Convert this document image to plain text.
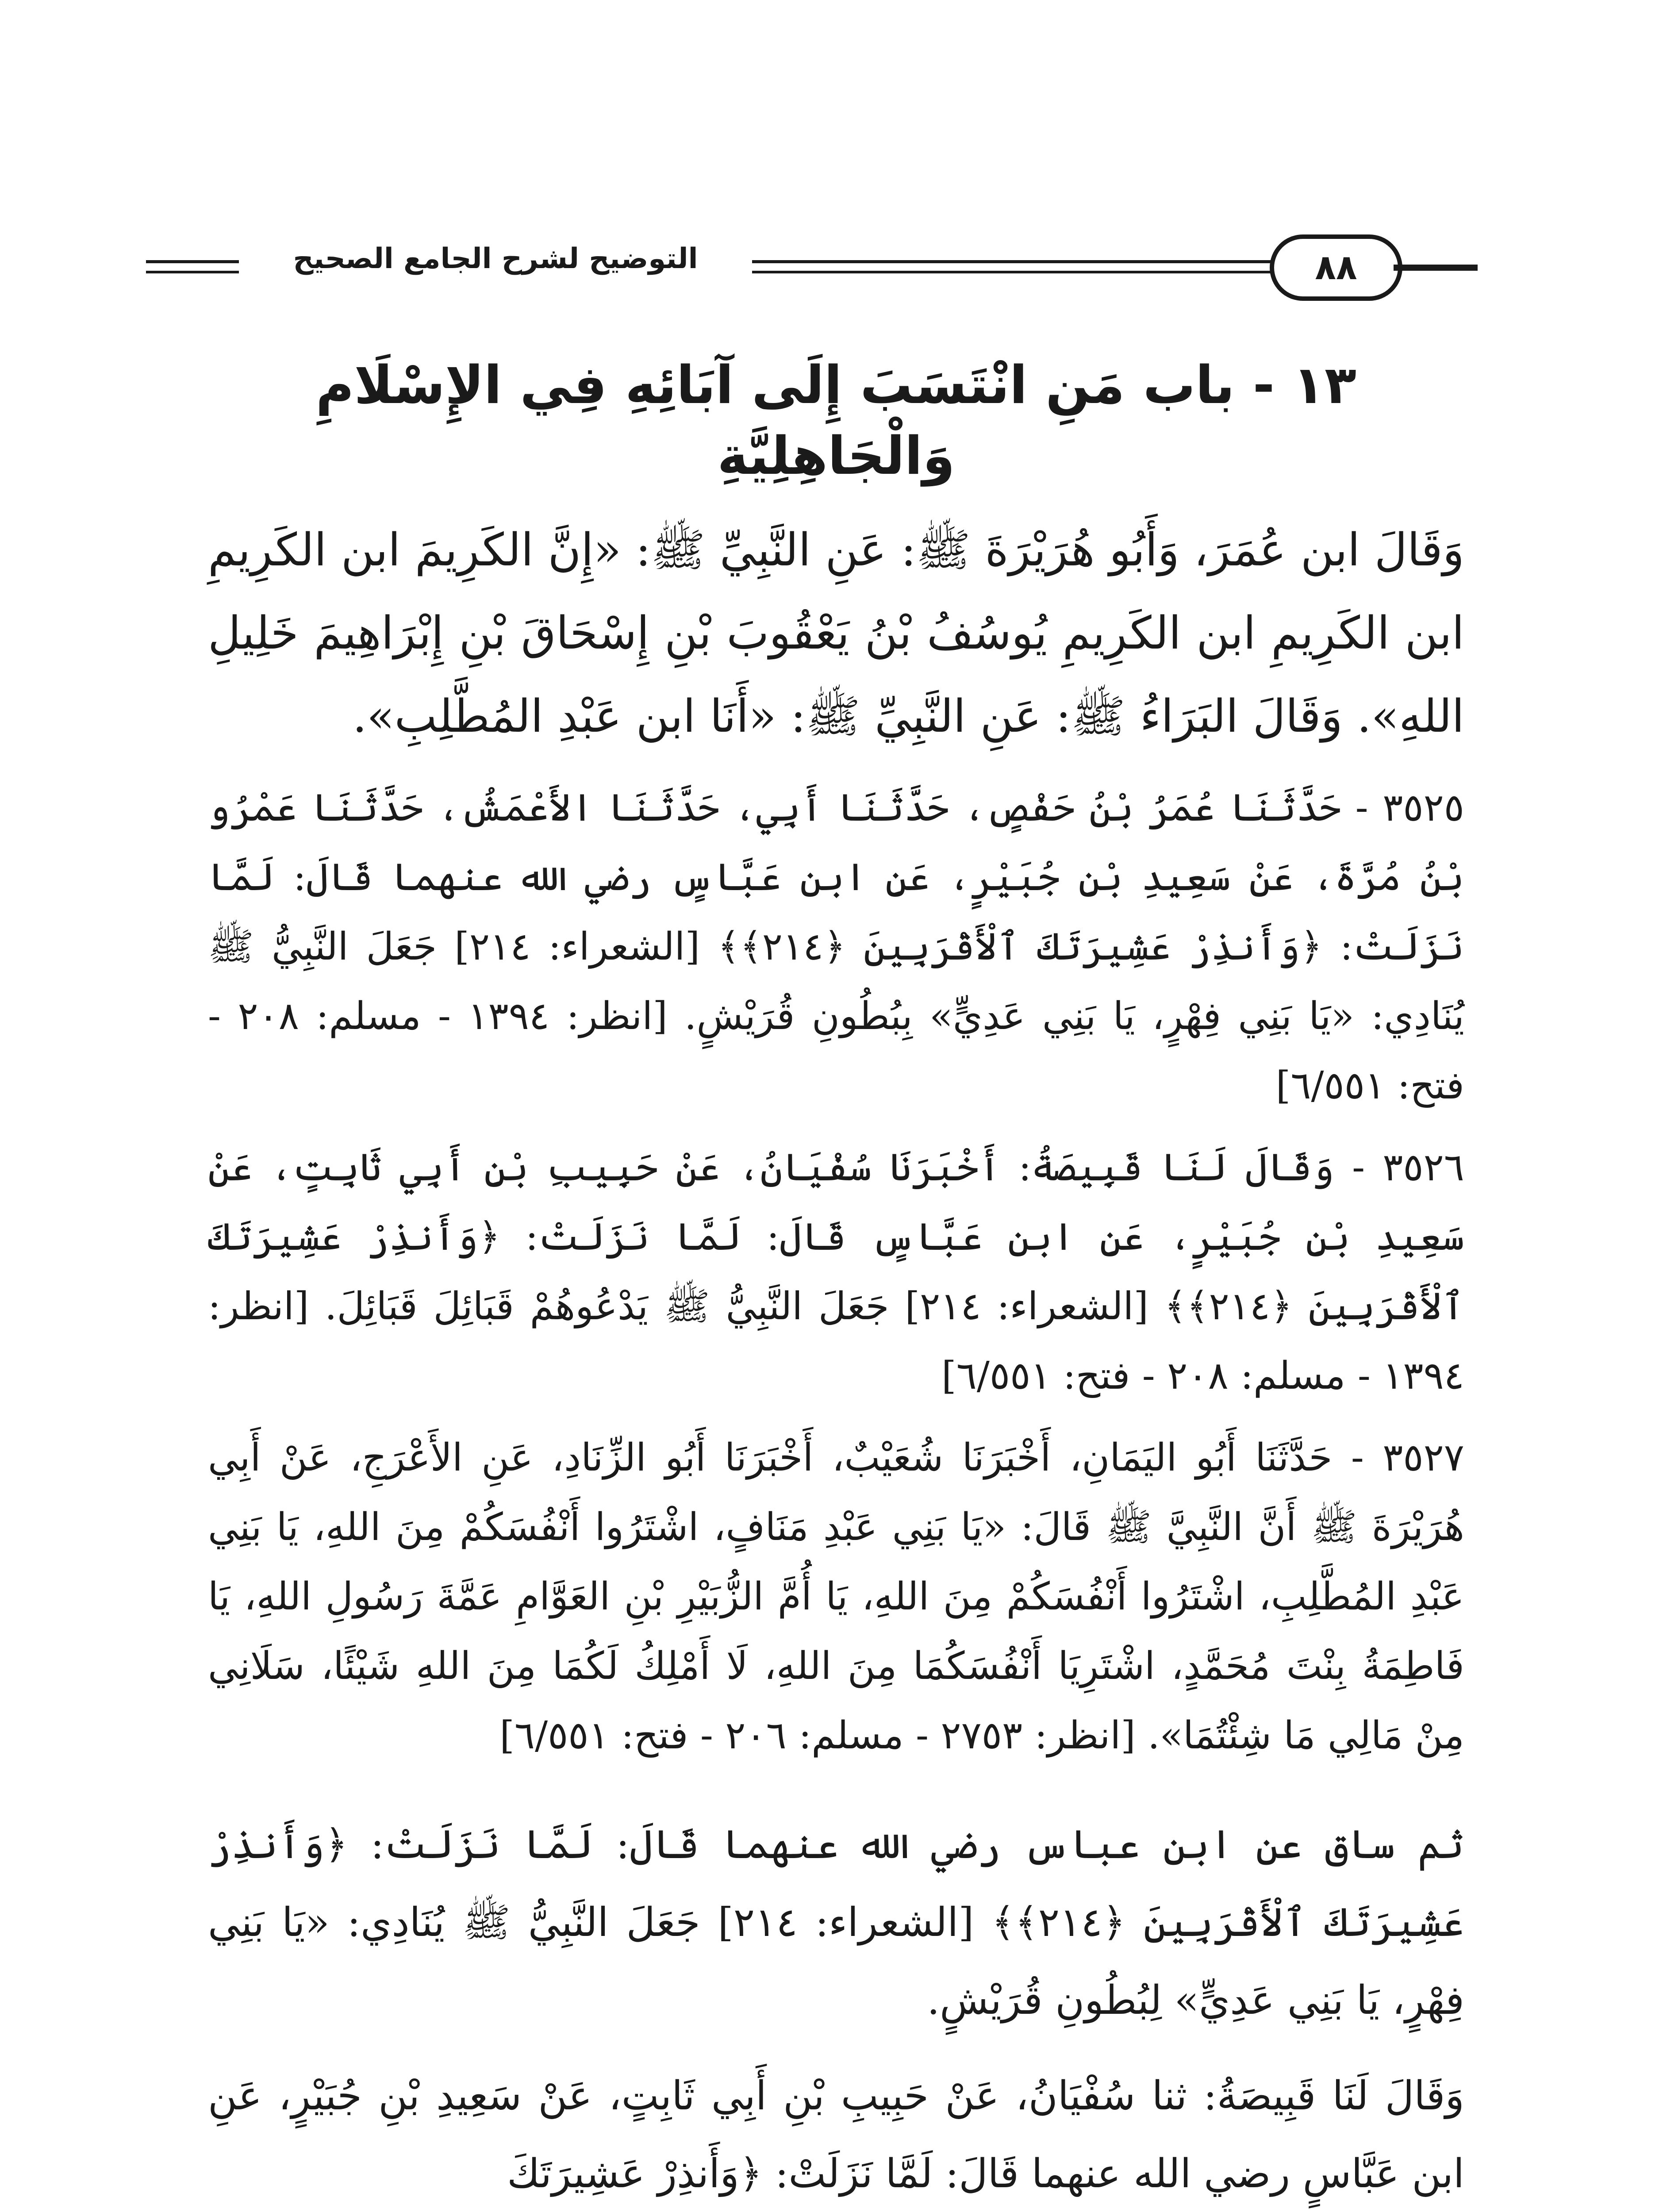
التوضيح لشرح الجامع الصحيح	٨٨
١٣ - باب مَنِ انْتَسَبَ إِلَى آبَائِهِ فِي الإِسْلَامِ وَالْجَاهِلِيَّةِ

وَقَالَ ابن عُمَرَ، وَأَبُو هُرَيْرَةَ ﷺ: عَنِ النَّبِيِّ ﷺ: «إِنَّ الكَرِيمَ ابن الكَرِيمِ ابن الكَرِيمِ ابن الكَرِيمِ يُوسُفُ بْنُ يَعْقُوبَ بْنِ إِسْحَاقَ بْنِ إِبْرَاهِيمَ خَلِيلِ اللهِ». وَقَالَ البَرَاءُ ﷺ: عَنِ النَّبِيِّ ﷺ: «أَنَا ابن عَبْدِ المُطَّلِبِ».

٣٥٢٥ - حَدَّثَنَا عُمَرُ بْنُ حَفْصٍ، حَدَّثَنَا أَبِي، حَدَّثَنَا الأَعْمَشُ، حَدَّثَنَا عَمْرُو بْنُ مُرَّةَ، عَنْ سَعِيدِ بْنِ جُبَيْرٍ، عَنِ ابن عَبَّاسٍ رضي الله عنهما قَالَ: لَمَّا نَزَلَتْ: ﴿وَأَنذِرْ عَشِيرَتَكَ ٱلْأَقْرَبِينَ ﴿٢١٤﴾﴾ [الشعراء: ٢١٤] جَعَلَ النَّبِيُّ ﷺ يُنَادِي: «يَا بَنِي فِهْرٍ، يَا بَنِي عَدِيٍّ» بِبُطُونِ قُرَيْشٍ. [انظر: ١٣٩٤ - مسلم: ٢٠٨ - فتح: ٦/٥٥١]

٣٥٢٦ - وَقَالَ لَنَا قَبِيصَةُ: أَخْبَرَنَا سُفْيَانُ، عَنْ حَبِيبِ بْنِ أَبِي ثَابِتٍ، عَنْ سَعِيدِ بْنِ جُبَيْرٍ، عَنِ ابن عَبَّاسٍ قَالَ: لَمَّا نَزَلَتْ: ﴿وَأَنذِرْ عَشِيرَتَكَ ٱلْأَقْرَبِينَ ﴿٢١٤﴾﴾ [الشعراء: ٢١٤] جَعَلَ النَّبِيُّ ﷺ يَدْعُوهُمْ قَبَائِلَ قَبَائِلَ. [انظر: ١٣٩٤ - مسلم: ٢٠٨ - فتح: ٦/٥٥١]

٣٥٢٧ - حَدَّثَنَا أَبُو اليَمَانِ، أَخْبَرَنَا شُعَيْبٌ، أَخْبَرَنَا أَبُو الزِّنَادِ، عَنِ الأَعْرَجِ، عَنْ أَبِي هُرَيْرَةَ ﷺ أَنَّ النَّبِيَّ ﷺ قَالَ: «يَا بَنِي عَبْدِ مَنَافٍ، اشْتَرُوا أَنْفُسَكُمْ مِنَ اللهِ، يَا بَنِي عَبْدِ المُطَّلِبِ، اشْتَرُوا أَنْفُسَكُمْ مِنَ اللهِ، يَا أُمَّ الزُّبَيْرِ بْنِ العَوَّامِ عَمَّةَ رَسُولِ اللهِ، يَا فَاطِمَةُ بِنْتَ مُحَمَّدٍ، اشْتَرِيَا أَنْفُسَكُمَا مِنَ اللهِ، لَا أَمْلِكُ لَكُمَا مِنَ اللهِ شَيْئًا، سَلَانِي مِنْ مَالِي مَا شِئْتُمَا». [انظر: ٢٧٥٣ - مسلم: ٢٠٦ - فتح: ٦/٥٥١]

ثم ساق عن ابن عباس رضي الله عنهما قَالَ: لَمَّا نَزَلَتْ: ﴿وَأَنذِرْ عَشِيرَتَكَ ٱلْأَقْرَبِينَ ﴿٢١٤﴾﴾ [الشعراء: ٢١٤] جَعَلَ النَّبِيُّ ﷺ يُنَادِي: «يَا بَنِي فِهْرٍ، يَا بَنِي عَدِيٍّ» لِبُطُونِ قُرَيْشٍ.

وَقَالَ لَنَا قَبِيصَةُ: ثنا سُفْيَانُ، عَنْ حَبِيبِ بْنِ أَبِي ثَابِتٍ، عَنْ سَعِيدِ بْنِ جُبَيْرٍ، عَنِ ابن عَبَّاسٍ رضي الله عنهما قَالَ: لَمَّا نَزَلَتْ: ﴿وَأَنذِرْ عَشِيرَتَكَ
